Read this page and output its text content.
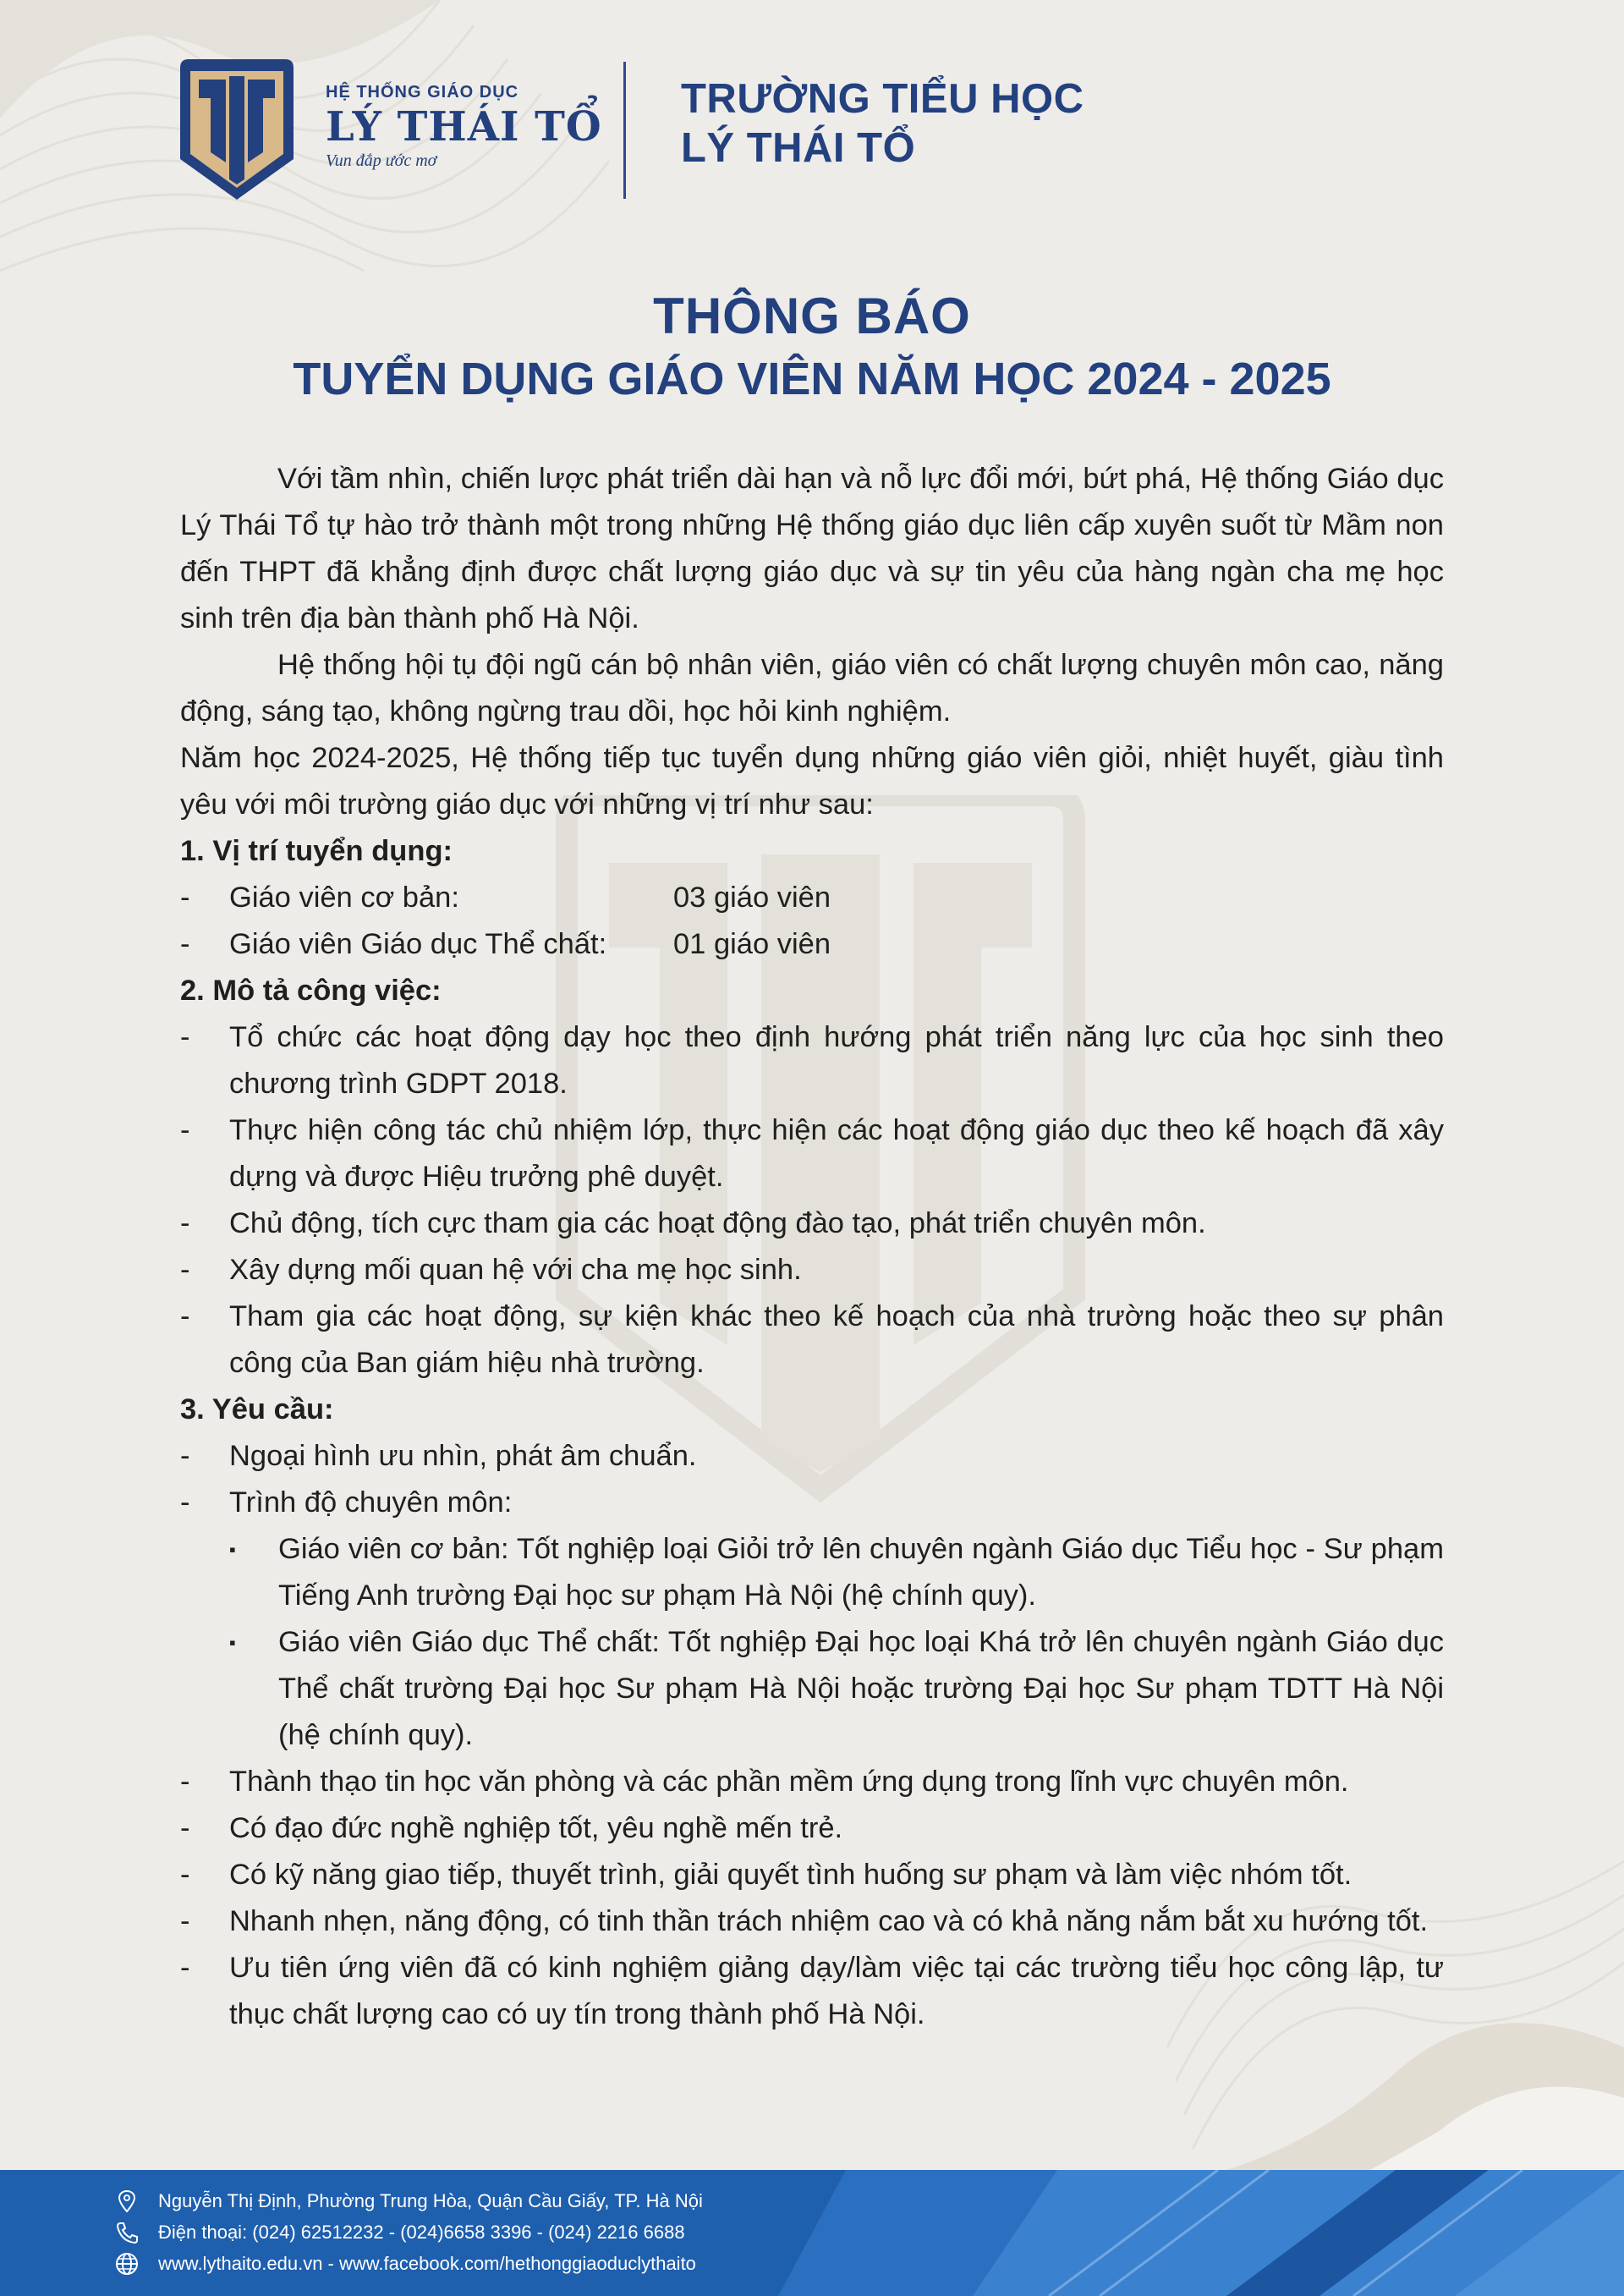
HỆ THỐNG GIÁO DỤC
LÝ THÁI TỔ
Vun đắp ước mơ
TRƯỜNG TIỂU HỌC
LÝ THÁI TỔ
THÔNG BÁO
TUYỂN DỤNG GIÁO VIÊN NĂM HỌC 2024 - 2025

Với tầm nhìn, chiến lược phát triển dài hạn và nỗ lực đổi mới, bứt phá, Hệ thống Giáo dục Lý Thái Tổ tự hào trở thành một trong những Hệ thống giáo dục liên cấp xuyên suốt từ Mầm non đến THPT đã khẳng định được chất lượng giáo dục và sự tin yêu của hàng ngàn cha mẹ học sinh trên địa bàn thành phố Hà Nội.

Hệ thống hội tụ đội ngũ cán bộ nhân viên, giáo viên có chất lượng chuyên môn cao, năng động, sáng tạo, không ngừng trau dồi, học hỏi kinh nghiệm.

Năm học 2024-2025, Hệ thống tiếp tục tuyển dụng những giáo viên giỏi, nhiệt huyết, giàu tình yêu với môi trường giáo dục với những vị trí như sau:

1. Vị trí tuyển dụng:
- Giáo viên cơ bản:	03 giáo viên
- Giáo viên Giáo dục Thể chất: 01 giáo viên
2. Mô tả công việc:
- Tổ chức các hoạt động dạy học theo định hướng phát triển năng lực của học sinh theo chương trình GDPT 2018.
- Thực hiện công tác chủ nhiệm lớp, thực hiện các hoạt động giáo dục theo kế hoạch đã xây dựng và được Hiệu trưởng phê duyệt.
- Chủ động, tích cực tham gia các hoạt động đào tạo, phát triển chuyên môn.
- Xây dựng mối quan hệ với cha mẹ học sinh.
- Tham gia các hoạt động, sự kiện khác theo kế hoạch của nhà trường hoặc theo sự phân công của Ban giám hiệu nhà trường.
3. Yêu cầu:
- Ngoại hình ưu nhìn, phát âm chuẩn.
- Trình độ chuyên môn:
▪ Giáo viên cơ bản: Tốt nghiệp loại Giỏi trở lên chuyên ngành Giáo dục Tiểu học - Sư phạm Tiếng Anh trường Đại học sư phạm Hà Nội (hệ chính quy).
▪ Giáo viên Giáo dục Thể chất: Tốt nghiệp Đại học loại Khá trở lên chuyên ngành Giáo dục Thể chất trường Đại học Sư phạm Hà Nội hoặc trường Đại học Sư phạm TDTT Hà Nội (hệ chính quy).
- Thành thạo tin học văn phòng và các phần mềm ứng dụng trong lĩnh vực chuyên môn.
- Có đạo đức nghề nghiệp tốt, yêu nghề mến trẻ.
- Có kỹ năng giao tiếp, thuyết trình, giải quyết tình huống sư phạm và làm việc nhóm tốt.
- Nhanh nhẹn, năng động, có tinh thần trách nhiệm cao và có khả năng nắm bắt xu hướng tốt.
- Ưu tiên ứng viên đã có kinh nghiệm giảng dạy/làm việc tại các trường tiểu học công lập, tư thục chất lượng cao có uy tín trong thành phố Hà Nội.
Nguyễn Thị Định, Phường Trung Hòa, Quận Cầu Giấy, TP. Hà Nội
Điện thoại: (024) 62512232 - (024)6658 3396 - (024) 2216 6688
www.lythaito.edu.vn - www.facebook.com/hethonggiaoduclythaito
